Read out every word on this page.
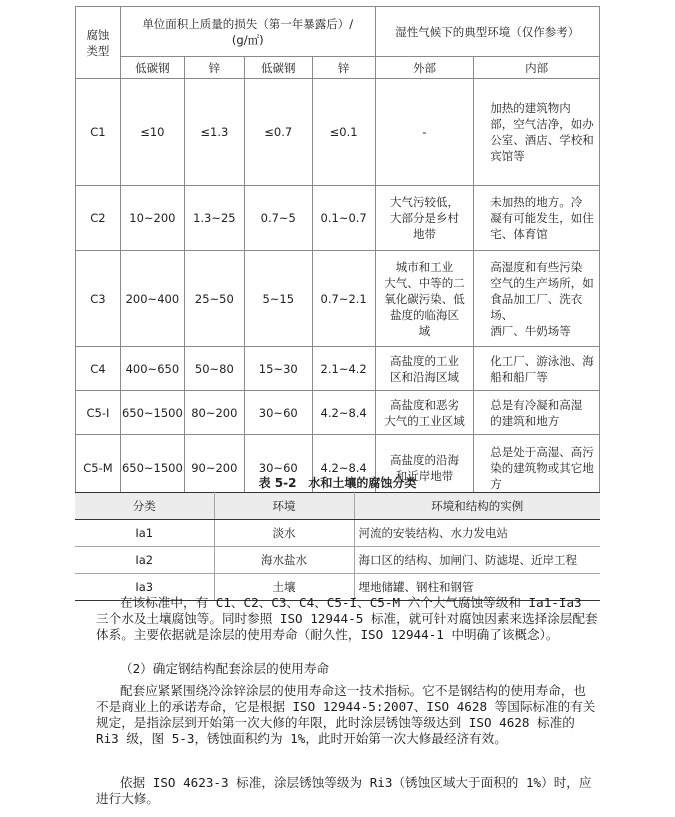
腐蚀
类型	单位面积上质量的损失（第一年暴露后）/
(g/㎡)				湿性气候下的典型环境（仅作参考）	
	低碳钢	锌	低碳钢	锌	外部	内部
C1	≤10	≤1.3	≤0.7	≤0.1	-	加热的建筑物内
部，空气洁净，如办
公室、酒店、学校和
宾馆等
C2	10~200	1.3~25	0.7~5	0.1~0.7	大气污较低，
大部分是乡村
地带	未加热的地方。冷
凝有可能发生，如住
宅、体育馆
C3	200~400	25~50	5~15	0.7~2.1	城市和工业
大气、中等的二
氧化碳污染、低
盐度的临海区
域	高湿度和有些污染
空气的生产场所，如
食品加工厂、洗衣场、
酒厂、牛奶场等
C4	400~650	50~80	15~30	2.1~4.2	高盐度的工业
区和沿海区域	化工厂、游泳池、海
船和船厂等
C5-I	650~1500	80~200	30~60	4.2~8.4	高盐度和恶劣
大气的工业区域	总是有冷凝和高湿
的建筑和地方
C5-M	650~1500	90~200	30~60	4.2~8.4	高盐度的沿海
和近岸地带	总是处于高湿、高污
染的建筑物或其它地
方
表 5-2　水和土壤的腐蚀分类
分类	环境	环境和结构的实例
Ia1	淡水	河流的安装结构、水力发电站
Ia2	海水盐水	海口区的结构、加闸门、防滤堤、近岸工程
Ia3	土壤	埋地储罐、钢柱和钢管
在该标准中，有 C1、C2、C3、C4、C5-I、C5-M 六个大气腐蚀等级和 Ia1-Ia3 三个水及土壤腐蚀等。同时参照 ISO 12944-5 标准，就可针对腐蚀因素来选择涂层配套体系。主要依据就是涂层的使用寿命（耐久性，ISO 12944-1 中明确了该概念）。
（2）确定钢结构配套涂层的使用寿命
配套应紧紧围绕冷涂锌涂层的使用寿命这一技术指标。它不是钢结构的使用寿命，也不是商业上的承诺寿命，它是根据 ISO 12944-5:2007、ISO 4628 等国际标准的有关规定，是指涂层到开始第一次大修的年限，此时涂层锈蚀等级达到 ISO 4628 标准的 Ri3 级，图 5-3，锈蚀面积约为 1%，此时开始第一次大修最经济有效。
依据 ISO 4623-3 标准，涂层锈蚀等级为 Ri3（锈蚀区域大于面积的 1%）时，应进行大修。
